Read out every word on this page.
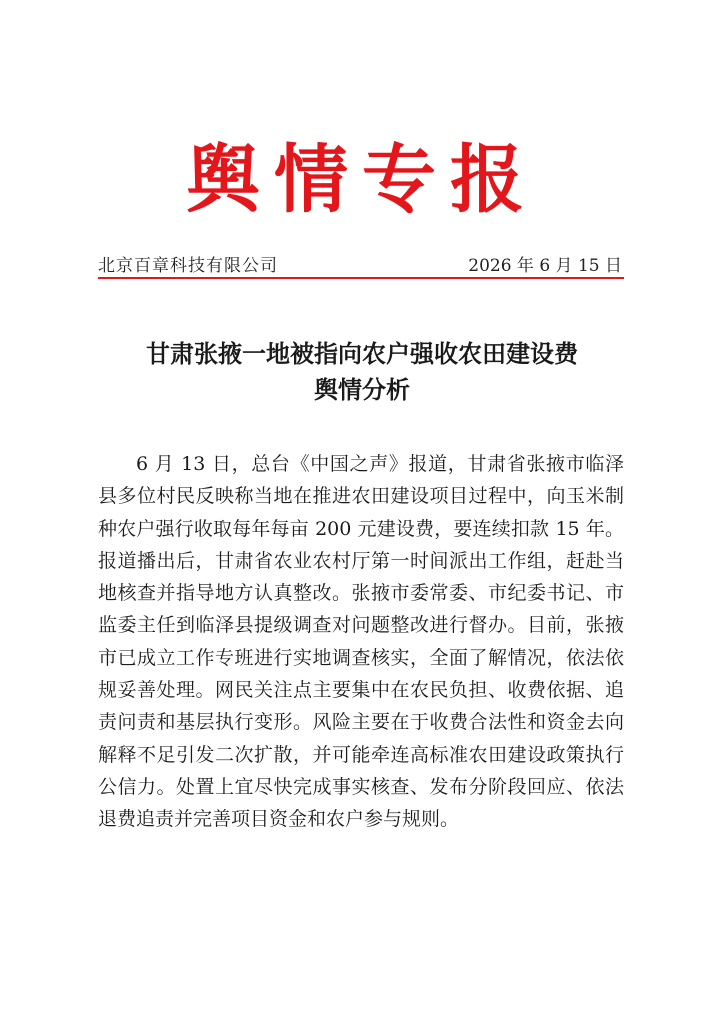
舆情专报
北京百章科技有限公司	2026 年 6 月 15 日
甘肃张掖一地被指向农户强收农田建设费
舆情分析

6 月 13 日，总台《中国之声》报道，甘肃省张掖市临泽县多位村民反映称当地在推进农田建设项目过程中，向玉米制种农户强行收取每年每亩 200 元建设费，要连续扣款 15 年。报道播出后，甘肃省农业农村厅第一时间派出工作组，赶赴当地核查并指导地方认真整改。张掖市委常委、市纪委书记、市监委主任到临泽县提级调查对问题整改进行督办。目前，张掖市已成立工作专班进行实地调查核实，全面了解情况，依法依规妥善处理。网民关注点主要集中在农民负担、收费依据、追责问责和基层执行变形。风险主要在于收费合法性和资金去向解释不足引发二次扩散，并可能牵连高标准农田建设政策执行公信力。处置上宜尽快完成事实核查、发布分阶段回应、依法退费追责并完善项目资金和农户参与规则。
